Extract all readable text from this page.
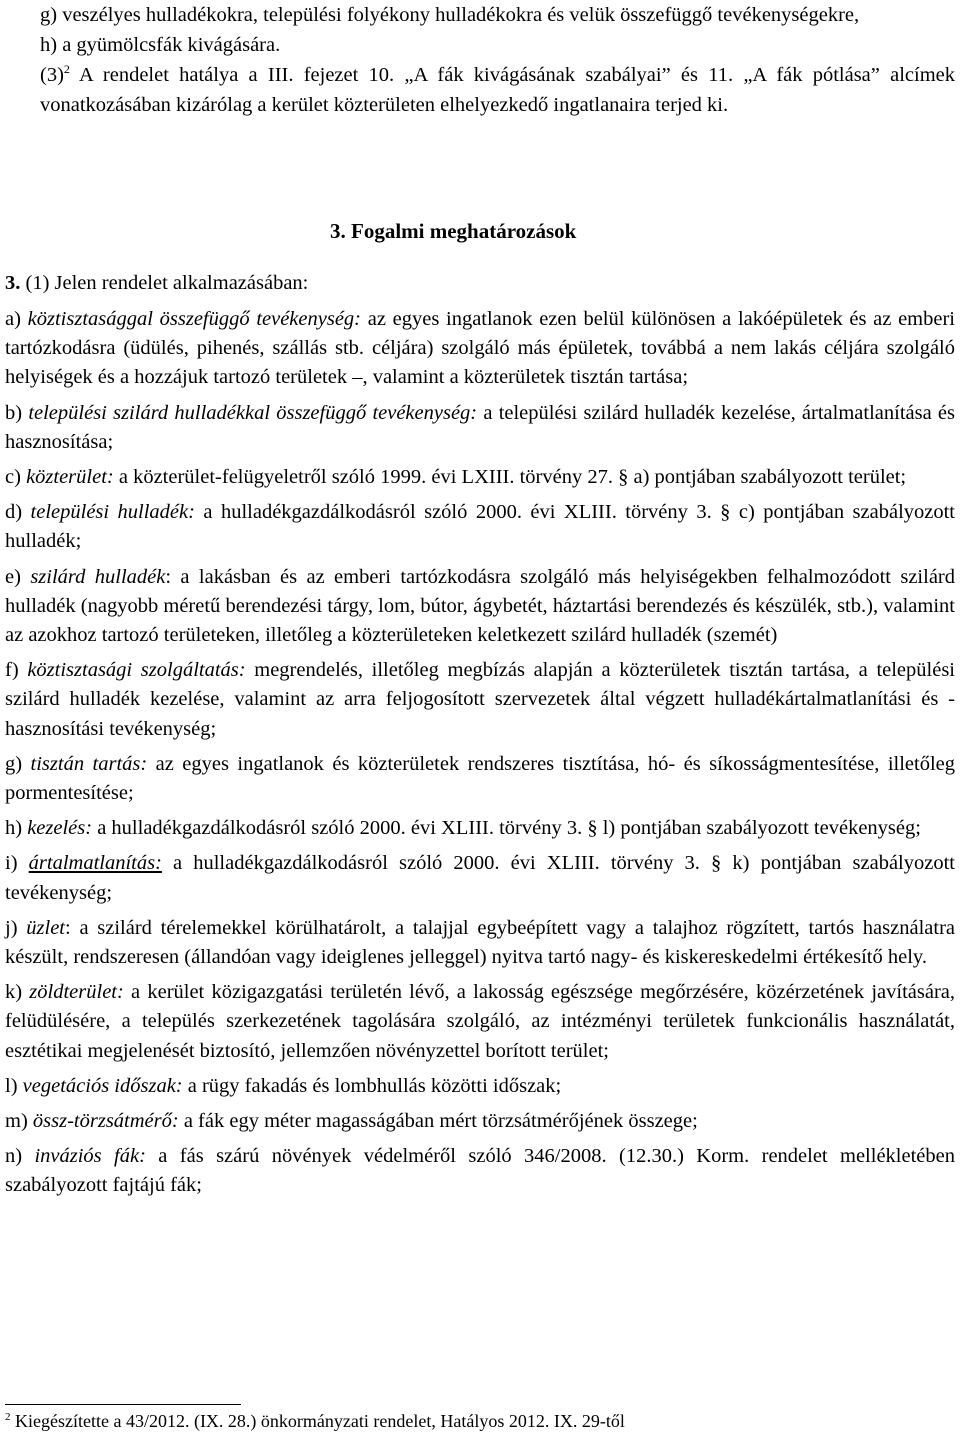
g) veszélyes hulladékokra, települési folyékony hulladékokra és velük összefüggő tevékenységekre,

h) a gyümölcsfák kivágására.

$(3)^2$ A rendelet hatálya a III. fejezet 10. „A fák kivágásának szabályai” és 11. „A fák pótlása” alcímek vonatkozásában kizárólag a kerület közterületen elhelyezkedő ingatlanaira terjed ki.

3. Fogalmi meghatározások
3. (1) Jelen rendelet alkalmazásában:

a) köztisztasággal összefüggő tevékenység: az egyes ingatlanok ezen belül különösen a lakóépületek és az emberi tartózkodásra (üdülés, pihenés, szállás stb. céljára) szolgáló más épületek, továbbá a nem lakás céljára szolgáló helyiségek és a hozzájuk tartozó területek –, valamint a közterületek tisztán tartása;

b) települési szilárd hulladékkal összefüggő tevékenység: a települési szilárd hulladék kezelése, ártalmatlanítása és hasznosítása;

c) közterület: a közterület-felügyeletről szóló 1999. évi LXIII. törvény 27. § a) pontjában szabályozott terület;

d) települési hulladék: a hulladékgazdálkodásról szóló 2000. évi XLIII. törvény 3. § c) pontjában szabályozott hulladék;

e) szilárd hulladék: a lakásban és az emberi tartózkodásra szolgáló más helyiségekben felhalmozódott szilárd hulladék (nagyobb méretű berendezési tárgy, lom, bútor, ágybetét, háztartási berendezés és készülék, stb.), valamint az azokhoz tartozó területeken, illetőleg a közterületeken keletkezett szilárd hulladék (szemét)

f) köztisztasági szolgáltatás: megrendelés, illetőleg megbízás alapján a közterületek tisztán tartása, a települési szilárd hulladék kezelése, valamint az arra feljogosított szervezetek által végzett hulladékártalmatlanítási és -hasznosítási tevékenység;

g) tisztán tartás: az egyes ingatlanok és közterületek rendszeres tisztítása, hó- és síkosságmentesítése, illetőleg pormentesítése;

h) kezelés: a hulladékgazdálkodásról szóló 2000. évi XLIII. törvény 3. § l) pontjában szabályozott tevékenység;

i) ártalmatlanítás: a hulladékgazdálkodásról szóló 2000. évi XLIII. törvény 3. § k) pontjában szabályozott tevékenység;

j) üzlet: a szilárd térelemekkel körülhatárolt, a talajjal egybeépített vagy a talajhoz rögzített, tartós használatra készült, rendszeresen (állandóan vagy ideiglenes jelleggel) nyitva tartó nagy- és kiskereskedelmi értékesítő hely.

k) zöldterület: a kerület közigazgatási területén lévő, a lakosság egészsége megőrzésére, közérzetének javítására, felüdülésére, a település szerkezetének tagolására szolgáló, az intézményi területek funkcionális használatát, esztétikai megjelenését biztosító, jellemzően növényzettel borított terület;

l) vegetációs időszak: a rügy fakadás és lombhullás közötti időszak;

m) össz-törzsátmérő: a fák egy méter magasságában mért törzsátmérőjének összege;

n) inváziós fák: a fás szárú növények védelméről szóló 346/2008. (12.30.) Korm. rendelet mellékletében szabályozott fajtájú fák;

$^2$ Kiegészítette a 43/2012. (IX. 28.) önkormányzati rendelet, Hatályos 2012. IX. 29-től
